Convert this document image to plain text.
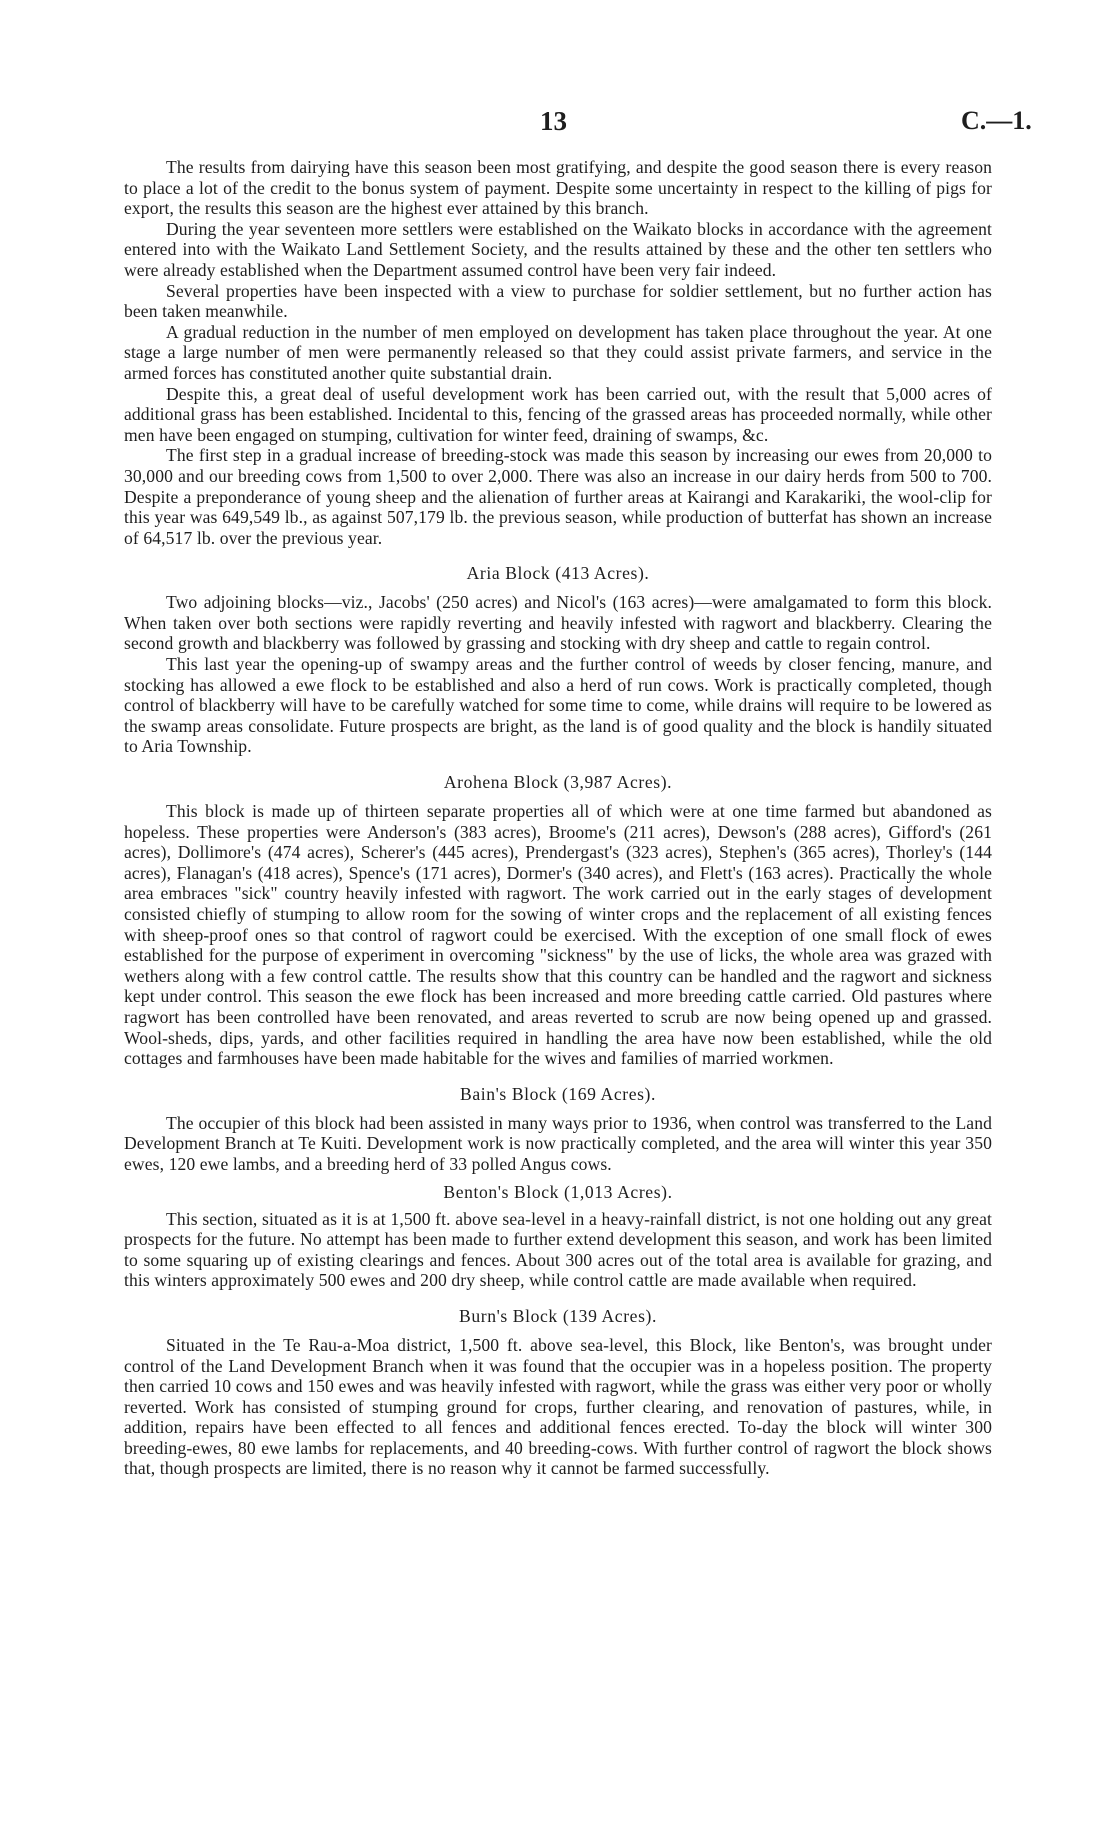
13	C.—1.

The results from dairying have this season been most gratifying, and despite the good season there is every reason to place a lot of the credit to the bonus system of payment. Despite some uncertainty in respect to the killing of pigs for export, the results this season are the highest ever attained by this branch.

During the year seventeen more settlers were established on the Waikato blocks in accordance with the agreement entered into with the Waikato Land Settlement Society, and the results attained by these and the other ten settlers who were already established when the Department assumed control have been very fair indeed.

Several properties have been inspected with a view to purchase for soldier settlement, but no further action has been taken meanwhile.

A gradual reduction in the number of men employed on development has taken place throughout the year. At one stage a large number of men were permanently released so that they could assist private farmers, and service in the armed forces has constituted another quite substantial drain.

Despite this, a great deal of useful development work has been carried out, with the result that 5,000 acres of additional grass has been established. Incidental to this, fencing of the grassed areas has proceeded normally, while other men have been engaged on stumping, cultivation for winter feed, draining of swamps, &c.

The first step in a gradual increase of breeding-stock was made this season by increasing our ewes from 20,000 to 30,000 and our breeding cows from 1,500 to over 2,000. There was also an increase in our dairy herds from 500 to 700. Despite a preponderance of young sheep and the alienation of further areas at Kairangi and Karakariki, the wool-clip for this year was 649,549 lb., as against 507,179 lb. the previous season, while production of butterfat has shown an increase of 64,517 lb. over the previous year.

Aria Block (413 Acres).

Two adjoining blocks—viz., Jacobs' (250 acres) and Nicol's (163 acres)—were amalgamated to form this block. When taken over both sections were rapidly reverting and heavily infested with ragwort and blackberry. Clearing the second growth and blackberry was followed by grassing and stocking with dry sheep and cattle to regain control.

This last year the opening-up of swampy areas and the further control of weeds by closer fencing, manure, and stocking has allowed a ewe flock to be established and also a herd of run cows. Work is practically completed, though control of blackberry will have to be carefully watched for some time to come, while drains will require to be lowered as the swamp areas consolidate. Future prospects are bright, as the land is of good quality and the block is handily situated to Aria Township.

Arohena Block (3,987 Acres).

This block is made up of thirteen separate properties all of which were at one time farmed but abandoned as hopeless. These properties were Anderson's (383 acres), Broome's (211 acres), Dewson's (288 acres), Gifford's (261 acres), Dollimore's (474 acres), Scherer's (445 acres), Prendergast's (323 acres), Stephen's (365 acres), Thorley's (144 acres), Flanagan's (418 acres), Spence's (171 acres), Dormer's (340 acres), and Flett's (163 acres). Practically the whole area embraces "sick" country heavily infested with ragwort. The work carried out in the early stages of development consisted chiefly of stumping to allow room for the sowing of winter crops and the replacement of all existing fences with sheep-proof ones so that control of ragwort could be exercised. With the exception of one small flock of ewes established for the purpose of experiment in overcoming "sickness" by the use of licks, the whole area was grazed with wethers along with a few control cattle. The results show that this country can be handled and the ragwort and sickness kept under control. This season the ewe flock has been increased and more breeding cattle carried. Old pastures where ragwort has been controlled have been renovated, and areas reverted to scrub are now being opened up and grassed. Wool-sheds, dips, yards, and other facilities required in handling the area have now been established, while the old cottages and farmhouses have been made habitable for the wives and families of married workmen.

Bain's Block (169 Acres).

The occupier of this block had been assisted in many ways prior to 1936, when control was transferred to the Land Development Branch at Te Kuiti. Development work is now practically completed, and the area will winter this year 350 ewes, 120 ewe lambs, and a breeding herd of 33 polled Angus cows.

Benton's Block (1,013 Acres).

This section, situated as it is at 1,500 ft. above sea-level in a heavy-rainfall district, is not one holding out any great prospects for the future. No attempt has been made to further extend development this season, and work has been limited to some squaring up of existing clearings and fences. About 300 acres out of the total area is available for grazing, and this winters approximately 500 ewes and 200 dry sheep, while control cattle are made available when required.

Burn's Block (139 Acres).

Situated in the Te Rau-a-Moa district, 1,500 ft. above sea-level, this Block, like Benton's, was brought under control of the Land Development Branch when it was found that the occupier was in a hopeless position. The property then carried 10 cows and 150 ewes and was heavily infested with ragwort, while the grass was either very poor or wholly reverted. Work has consisted of stumping ground for crops, further clearing, and renovation of pastures, while, in addition, repairs have been effected to all fences and additional fences erected. To-day the block will winter 300 breeding-ewes, 80 ewe lambs for replacements, and 40 breeding-cows. With further control of ragwort the block shows that, though prospects are limited, there is no reason why it cannot be farmed successfully.
